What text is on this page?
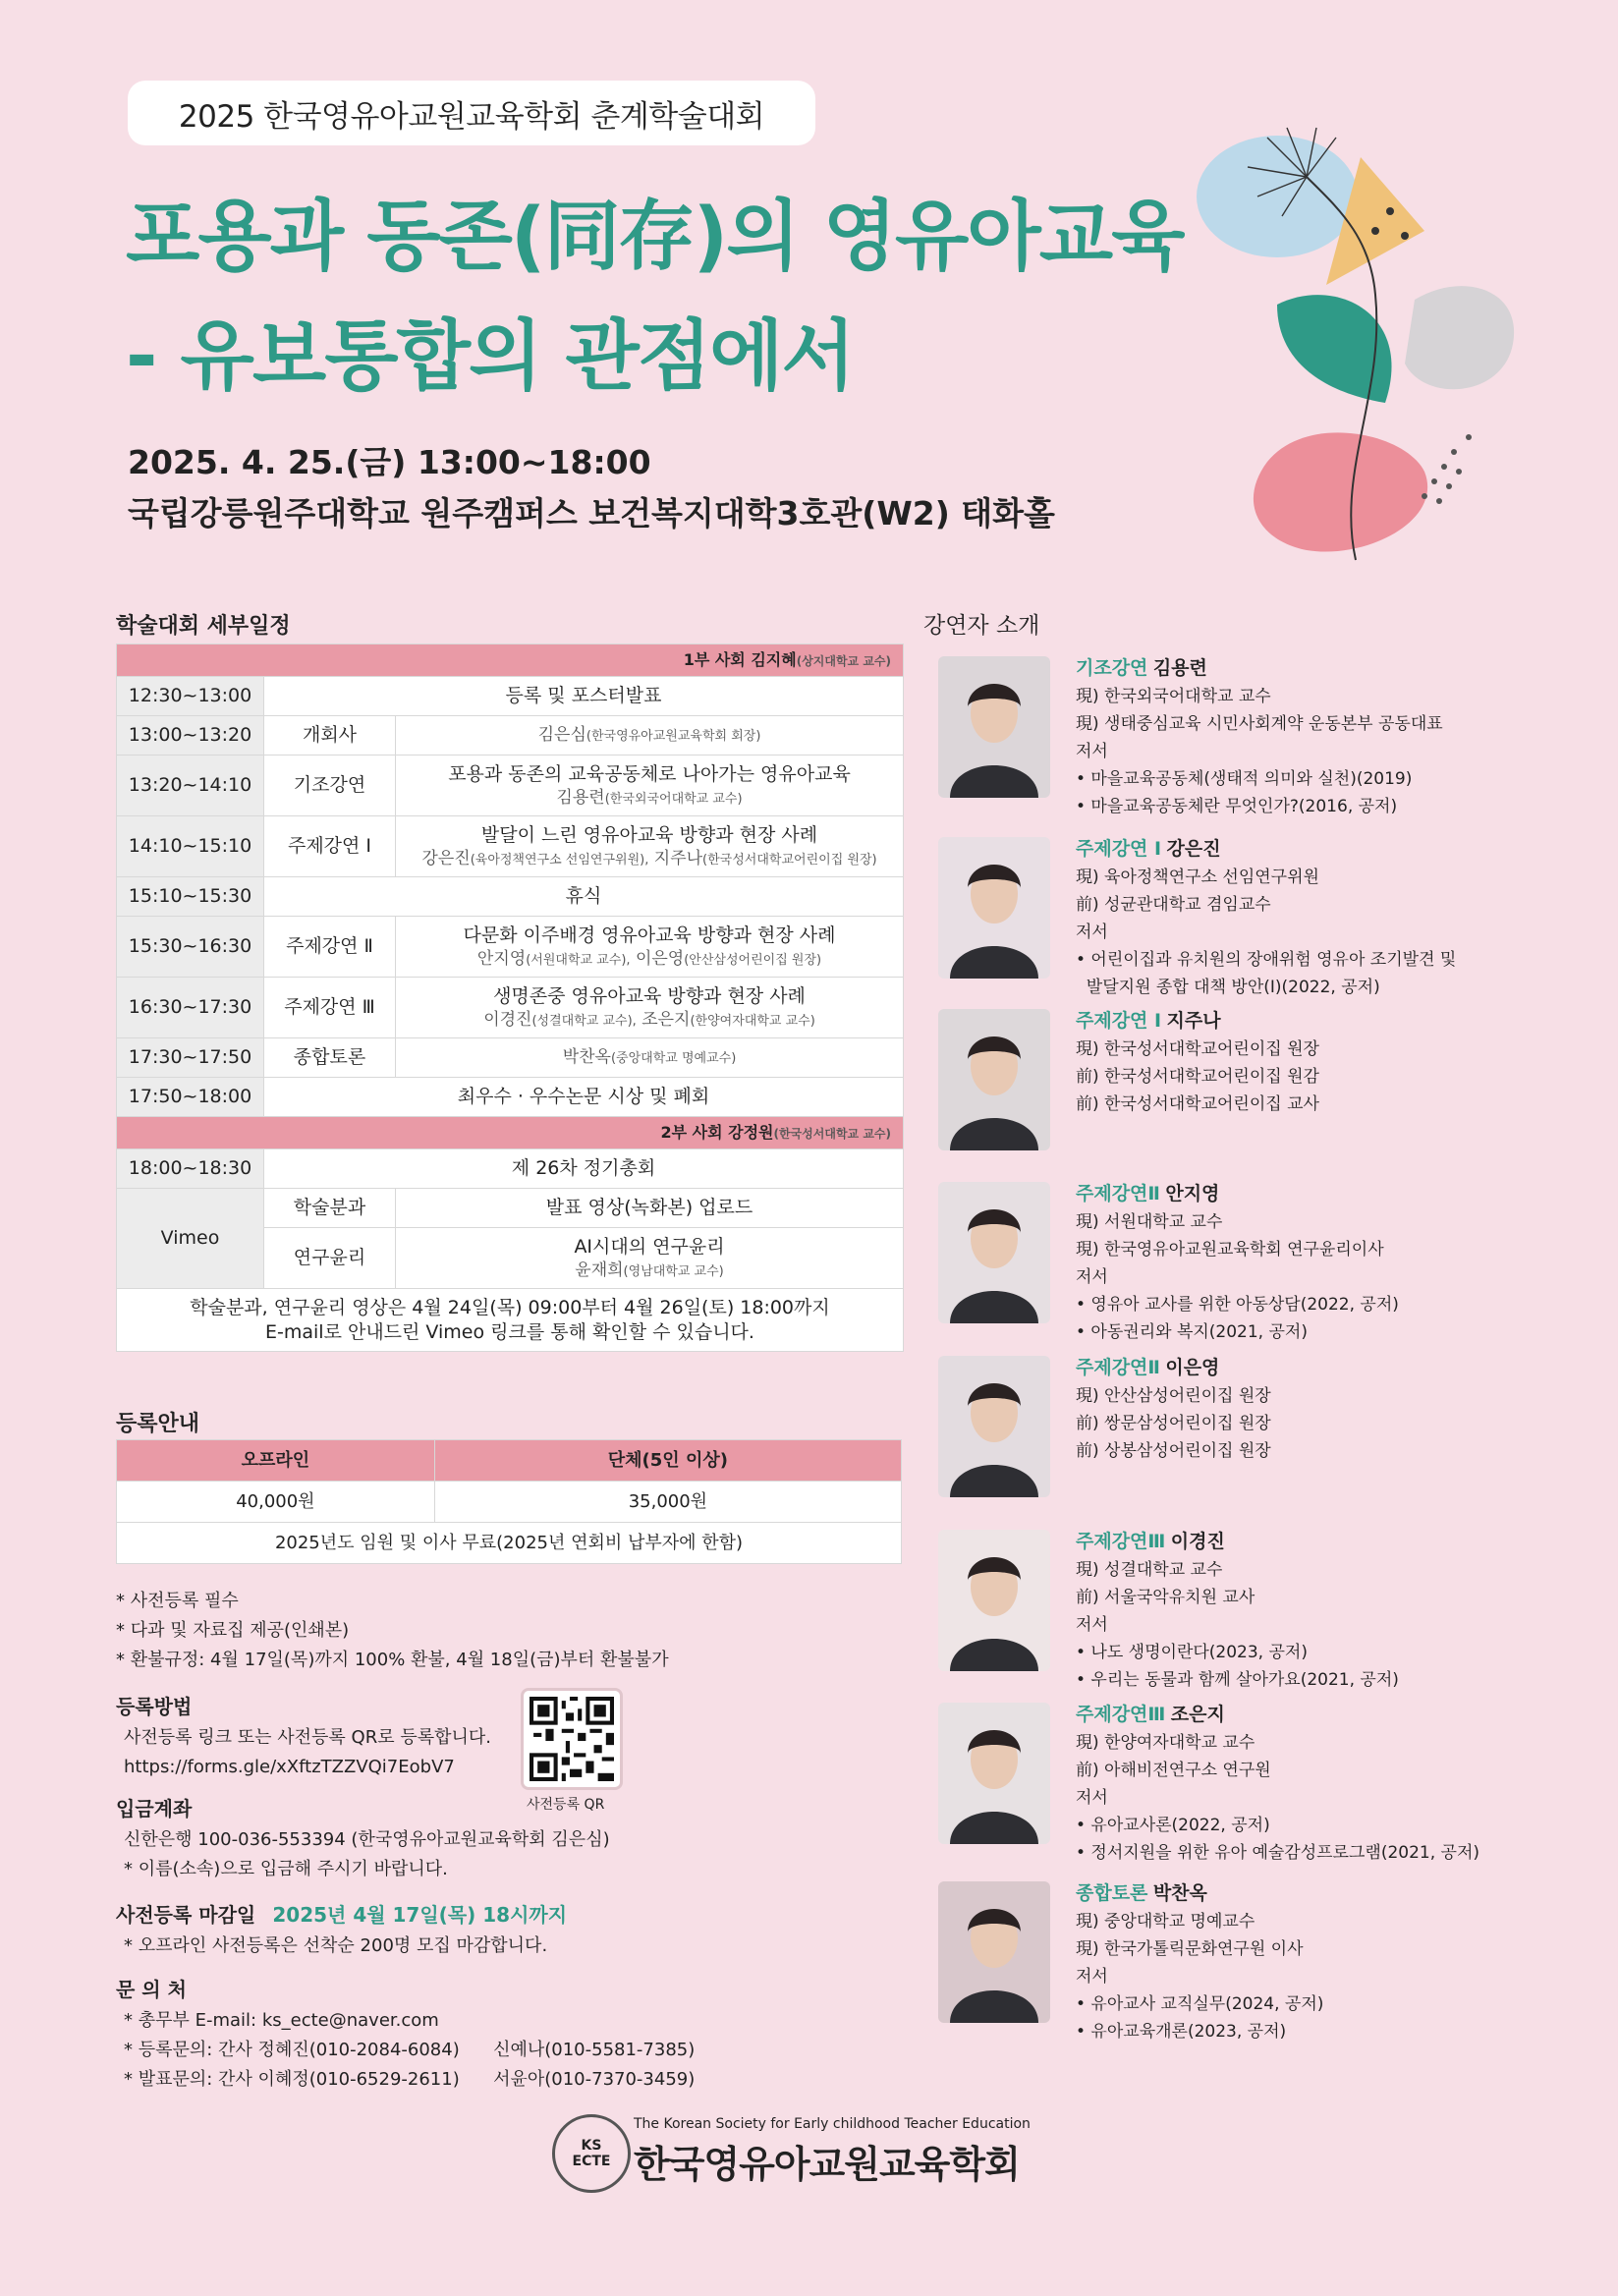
2025 한국영유아교원교육학회 춘계학술대회
포용과 동존(同存)의 영유아교육
- 유보통합의 관점에서
2025. 4. 25.(금) 13:00~18:00
국립강릉원주대학교 원주캠퍼스 보건복지대학3호관(W2) 태화홀
학술대회 세부일정
1부 사회 김지혜(상지대학교 교수)		
12:30~13:00	등록 및 포스터발표	
13:00~13:20	개회사	김은심(한국영유아교원교육학회 회장)
13:20~14:10	기조강연	포용과 동존의 교육공동체로 나아가는 영유아교육
김용련(한국외국어대학교 교수)

14:10~15:10	주제강연 Ⅰ	발달이 느린 영유아교육 방향과 현장 사례
강은진(육아정책연구소 선임연구위원), 지주나(한국성서대학교어린이집 원장)

15:10~15:30	휴식	
15:30~16:30	주제강연 Ⅱ	다문화 이주배경 영유아교육 방향과 현장 사례
안지영(서원대학교 교수), 이은영(안산삼성어린이집 원장)

16:30~17:30	주제강연 Ⅲ	생명존중 영유아교육 방향과 현장 사례
이경진(성결대학교 교수), 조은지(한양여자대학교 교수)

17:30~17:50	종합토론	박찬옥(중앙대학교 명예교수)
17:50~18:00	최우수 · 우수논문 시상 및 폐회	
2부 사회 강정원(한국성서대학교 교수)		
18:00~18:30	제 26차 정기총회	
Vimeo	학술분과	발표 영상(녹화본) 업로드
	연구윤리	AI시대의 연구윤리
윤재희(영남대학교 교수)

학술분과, 연구윤리 영상은 4월 24일(목) 09:00부터 4월 26일(토) 18:00까지
E-mail로 안내드린 Vimeo 링크를 통해 확인할 수 있습니다.		
등록안내
오프라인	단체(5인 이상)
40,000원	35,000원
2025년도 임원 및 이사 무료(2025년 연회비 납부자에 한함)	
* 사전등록 필수
* 다과 및 자료집 제공(인쇄본)
* 환불규정: 4월 17일(목)까지 100% 환불, 4월 18일(금)부터 환불불가
등록방법
사전등록 링크 또는 사전등록 QR로 등록합니다.
https://forms.gle/xXftzTZZVQi7EobV7
사전등록 QR
입금계좌
신한은행 100-036-553394 (한국영유아교원교육학회 김은심)
* 이름(소속)으로 입금해 주시기 바랍니다.
사전등록 마감일 2025년 4월 17일(목) 18시까지
* 오프라인 사전등록은 선착순 200명 모집 마감합니다.
문 의 처
* 총무부 E-mail: ks_ecte@naver.com
* 등록문의: 간사 정혜진(010-2084-6084) 신예나(010-5581-7385)
* 발표문의: 간사 이혜정(010-6529-2611) 서윤아(010-7370-3459)
강연자 소개
기조강연 김용련
現) 한국외국어대학교 교수
現) 생태중심교육 시민사회계약 운동본부 공동대표
저서
• 마을교육공동체(생태적 의미와 실천)(2019)
• 마을교육공동체란 무엇인가?(2016, 공저)
주제강연 Ⅰ 강은진
現) 육아정책연구소 선임연구위원
前) 성균관대학교 겸임교수
저서
• 어린이집과 유치원의 장애위험 영유아 조기발견 및
발달지원 종합 대책 방안(Ⅰ)(2022, 공저)
주제강연 Ⅰ 지주나
現) 한국성서대학교어린이집 원장
前) 한국성서대학교어린이집 원감
前) 한국성서대학교어린이집 교사
주제강연Ⅱ 안지영
現) 서원대학교 교수
現) 한국영유아교원교육학회 연구윤리이사
저서
• 영유아 교사를 위한 아동상담(2022, 공저)
• 아동권리와 복지(2021, 공저)
주제강연Ⅱ 이은영
現) 안산삼성어린이집 원장
前) 쌍문삼성어린이집 원장
前) 상봉삼성어린이집 원장
주제강연Ⅲ 이경진
現) 성결대학교 교수
前) 서울국악유치원 교사
저서
• 나도 생명이란다(2023, 공저)
• 우리는 동물과 함께 살아가요(2021, 공저)
주제강연Ⅲ 조은지
現) 한양여자대학교 교수
前) 아해비전연구소 연구원
저서
• 유아교사론(2022, 공저)
• 정서지원을 위한 유아 예술감성프로그램(2021, 공저)
종합토론 박찬옥
現) 중앙대학교 명예교수
現) 한국가톨릭문화연구원 이사
저서
• 유아교사 교직실무(2024, 공저)
• 유아교육개론(2023, 공저)
KS ECTE
The Korean Society for Early childhood Teacher Education
한국영유아교원교육학회
